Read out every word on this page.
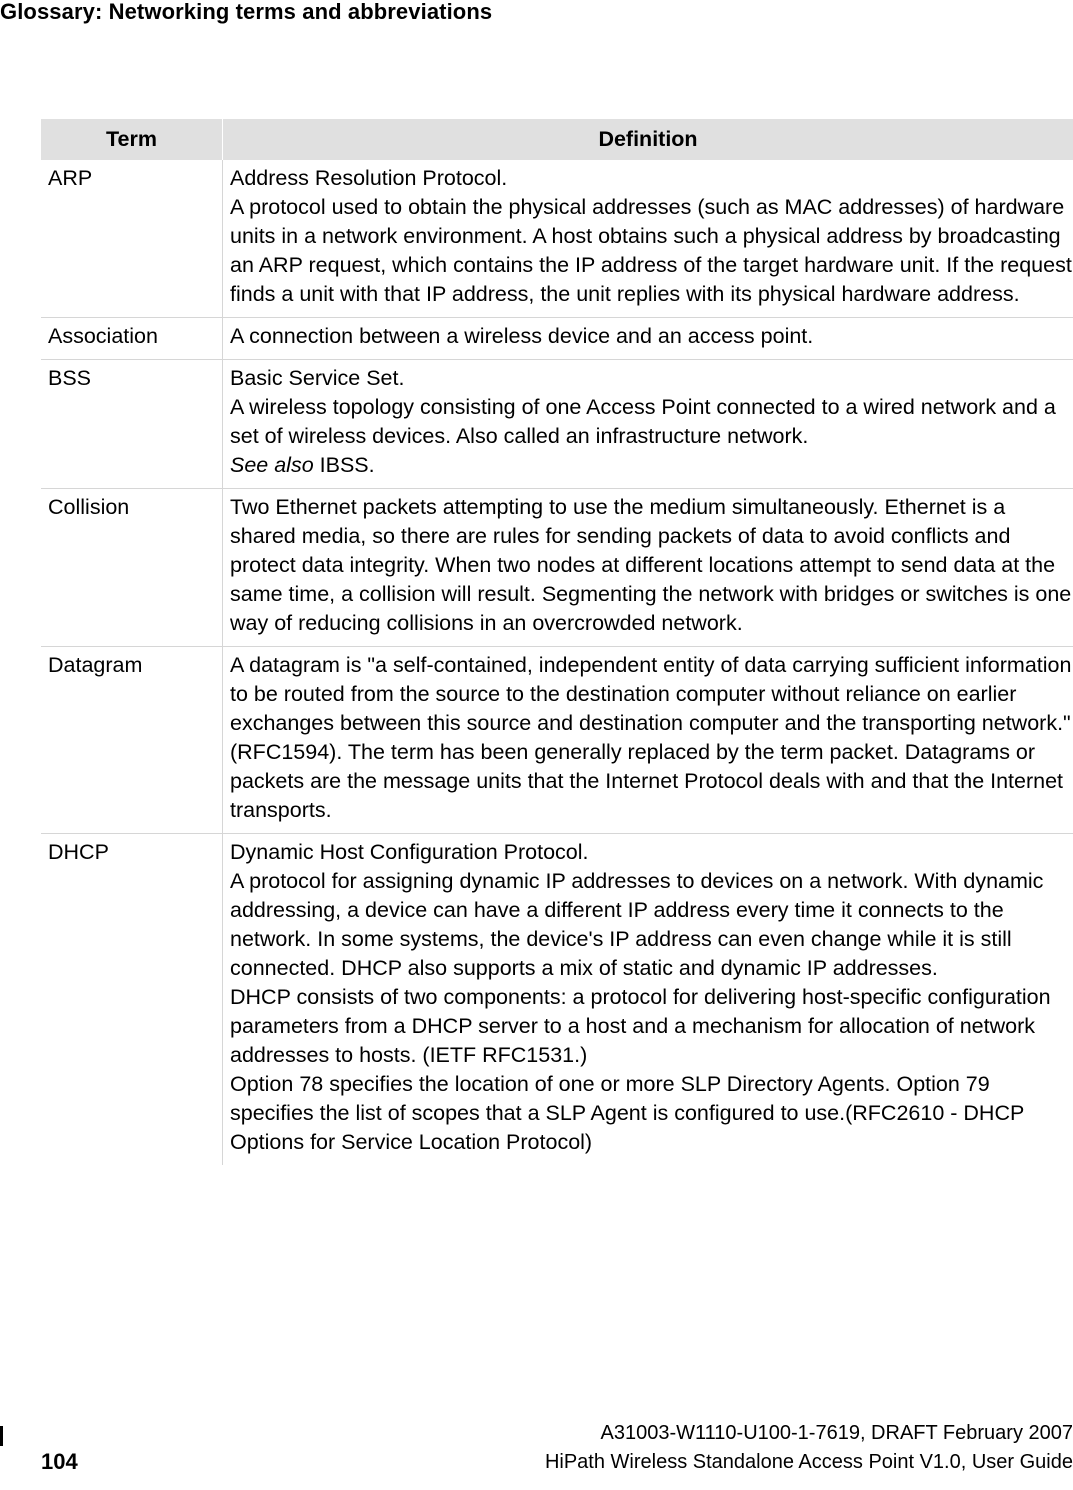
Glossary: Networking terms and abbreviations
Term	Definition
ARP	Address Resolution Protocol.
A protocol used to obtain the physical addresses (such as MAC addresses) of hardware units in a network environment. A host obtains such a physical address by broadcasting an ARP request, which contains the IP address of the target hardware unit. If the request finds a unit with that IP address, the unit replies with its physical hardware address.

Association	A connection between a wireless device and an access point.

BSS	Basic Service Set.
A wireless topology consisting of one Access Point connected to a wired network and a set of wireless devices. Also called an infrastructure network.
See also IBSS.

Collision	Two Ethernet packets attempting to use the medium simultaneously. Ethernet is a shared media, so there are rules for sending packets of data to avoid conflicts and protect data integrity. When two nodes at different locations attempt to send data at the same time, a collision will result. Segmenting the network with bridges or switches is one way of reducing collisions in an overcrowded network.

Datagram	A datagram is "a self-contained, independent entity of data carrying sufficient information to be routed from the source to the destination computer without reliance on earlier exchanges between this source and destination computer and the transporting network." (RFC1594). The term has been generally replaced by the term packet. Datagrams or packets are the message units that the Internet Protocol deals with and that the Internet transports.

DHCP	Dynamic Host Configuration Protocol.
A protocol for assigning dynamic IP addresses to devices on a network. With dynamic addressing, a device can have a different IP address every time it connects to the network. In some systems, the device's IP address can even change while it is still connected. DHCP also supports a mix of static and dynamic IP addresses.
DHCP consists of two components: a protocol for delivering host-specific configuration parameters from a DHCP server to a host and a mechanism for allocation of network addresses to hosts. (IETF RFC1531.)
Option 78 specifies the location of one or more SLP Directory Agents. Option 79 specifies the list of scopes that a SLP Agent is configured to use.(RFC2610 - DHCP Options for Service Location Protocol)
104
A31003-W1110-U100-1-7619, DRAFT February 2007
HiPath Wireless Standalone Access Point V1.0, User Guide
